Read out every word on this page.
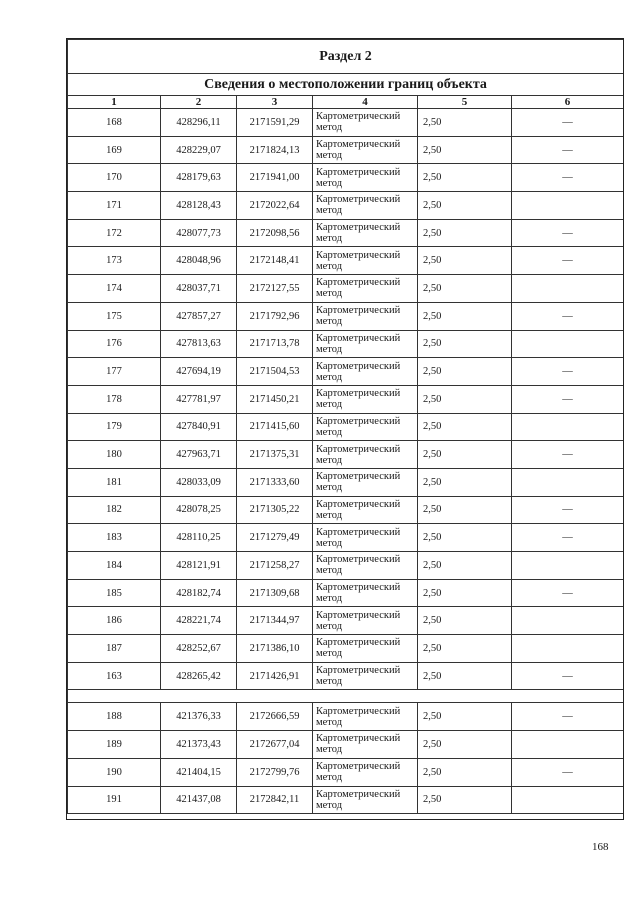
Раздел 2					
Сведения о местоположении границ объекта					
1	2	3	4	5	6
168	428296,11	2171591,29	Картометрический метод	2,50	—
169	428229,07	2171824,13	Картометрический метод	2,50	—
170	428179,63	2171941,00	Картометрический метод	2,50	—
171	428128,43	2172022,64	Картометрический метод	2,50	
172	428077,73	2172098,56	Картометрический метод	2,50	—
173	428048,96	2172148,41	Картометрический метод	2,50	—
174	428037,71	2172127,55	Картометрический метод	2,50	
175	427857,27	2171792,96	Картометрический метод	2,50	—
176	427813,63	2171713,78	Картометрический метод	2,50	
177	427694,19	2171504,53	Картометрический метод	2,50	—
178	427781,97	2171450,21	Картометрический метод	2,50	—
179	427840,91	2171415,60	Картометрический метод	2,50	
180	427963,71	2171375,31	Картометрический метод	2,50	—
181	428033,09	2171333,60	Картометрический метод	2,50	
182	428078,25	2171305,22	Картометрический метод	2,50	—
183	428110,25	2171279,49	Картометрический метод	2,50	—
184	428121,91	2171258,27	Картометрический метод	2,50	
185	428182,74	2171309,68	Картометрический метод	2,50	—
186	428221,74	2171344,97	Картометрический метод	2,50	
187	428252,67	2171386,10	Картометрический метод	2,50	
163	428265,42	2171426,91	Картометрический метод	2,50	—

188	421376,33	2172666,59	Картометрический метод	2,50	—
189	421373,43	2172677,04	Картометрический метод	2,50	
190	421404,15	2172799,76	Картометрический метод	2,50	—
191	421437,08	2172842,11	Картометрический метод	2,50	
168
